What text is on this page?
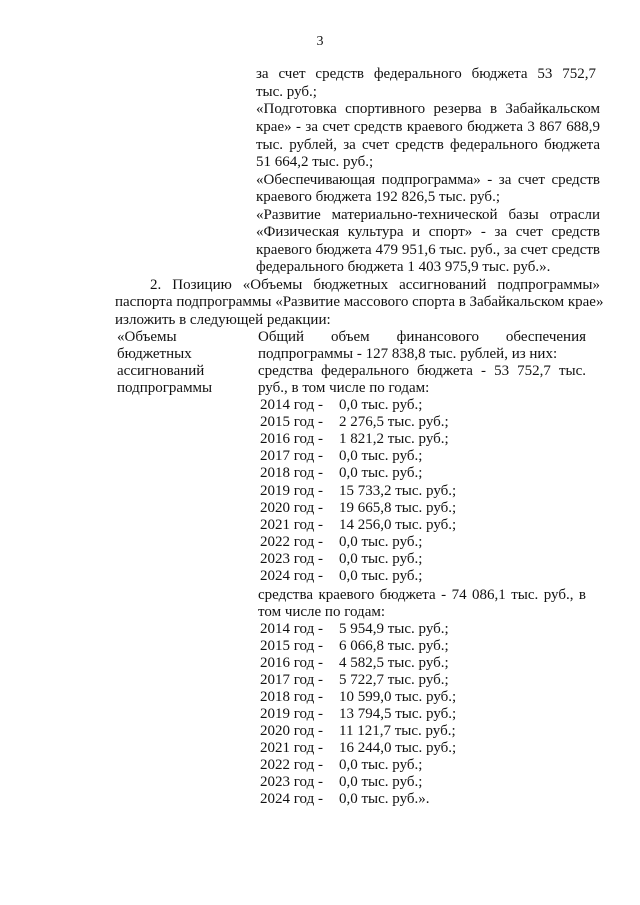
3
за счет средств федерального бюджета 53 752,7
тыс. руб.;
«Подготовка спортивного резерва в Забайкальском
крае» - за счет средств краевого бюджета 3 867 688,9
тыс. рублей, за счет средств федерального бюджета
51 664,2 тыс. руб.;
«Обеспечивающая подпрограмма» - за счет средств
краевого бюджета 192 826,5 тыс. руб.;
«Развитие материально-технической базы отрасли
«Физическая культура и спорт» - за счет средств
краевого бюджета 479 951,6 тыс. руб., за счет средств
федерального бюджета 1 403 975,9 тыс. руб.».
2. Позицию «Объемы бюджетных ассигнований подпрограммы»
паспорта подпрограммы «Развитие массового спорта в Забайкальском крае»
изложить в следующей редакции:
«Объемы
бюджетных
ассигнований
подпрограммы
Общий объем финансового обеспечения
подпрограммы - 127 838,8 тыс. рублей, из них:
средства федерального бюджета - 53 752,7 тыс.
руб., в том числе по годам:
2014 год - 0,0 тыс. руб.;
2015 год - 2 276,5 тыс. руб.;
2016 год - 1 821,2 тыс. руб.;
2017 год - 0,0 тыс. руб.;
2018 год - 0,0 тыс. руб.;
2019 год - 15 733,2 тыс. руб.;
2020 год - 19 665,8 тыс. руб.;
2021 год - 14 256,0 тыс. руб.;
2022 год - 0,0 тыс. руб.;
2023 год - 0,0 тыс. руб.;
2024 год - 0,0 тыс. руб.;
средства краевого бюджета - 74 086,1 тыс. руб., в
том числе по годам:
2014 год - 5 954,9 тыс. руб.;
2015 год - 6 066,8 тыс. руб.;
2016 год - 4 582,5 тыс. руб.;
2017 год - 5 722,7 тыс. руб.;
2018 год - 10 599,0 тыс. руб.;
2019 год - 13 794,5 тыс. руб.;
2020 год - 11 121,7 тыс. руб.;
2021 год - 16 244,0 тыс. руб.;
2022 год - 0,0 тыс. руб.;
2023 год - 0,0 тыс. руб.;
2024 год - 0,0 тыс. руб.».
